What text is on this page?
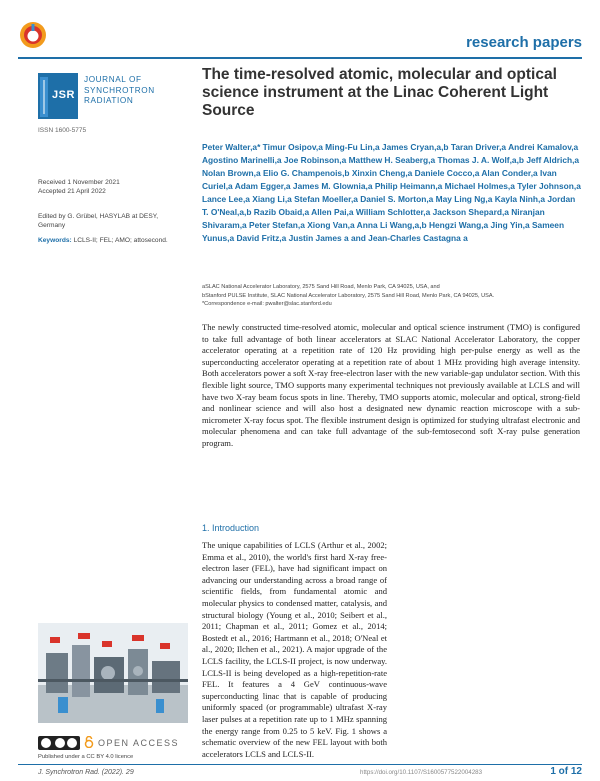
research papers
JSR
JOURNAL OF
SYNCHROTRON
RADIATION
ISSN 1600-5775
Received 1 November 2021
Accepted 21 April 2022
Edited by G. Grübel, HASYLAB at DESY, Germany
Keywords: LCLS-II; FEL; AMO; attosecond.
The time-resolved atomic, molecular and optical science instrument at the Linac Coherent Light Source
Peter Walter,a* Timur Osipov,a Ming-Fu Lin,a James Cryan,a,b Taran Driver,a Andrei Kamalov,a Agostino Marinelli,a Joe Robinson,a Matthew H. Seaberg,a Thomas J. A. Wolf,a,b Jeff Aldrich,a Nolan Brown,a Elio G. Champenois,b Xinxin Cheng,a Daniele Cocco,a Alan Conder,a Ivan Curiel,a Adam Egger,a James M. Glownia,a Philip Heimann,a Michael Holmes,a Tyler Johnson,a Lance Lee,a Xiang Li,a Stefan Moeller,a Daniel S. Morton,a May Ling Ng,a Kayla Ninh,a Jordan T. O'Neal,a,b Razib Obaid,a Allen Pai,a William Schlotter,a Jackson Shepard,a Niranjan Shivaram,a Peter Stefan,a Xiong Van,a Anna Li Wang,a,b Hengzi Wang,a Jing Yin,a Sameen Yunus,a David Fritz,a Justin James a and Jean-Charles Castagna a
aSLAC National Accelerator Laboratory, 2575 Sand Hill Road, Menlo Park, CA 94025, USA, and
bStanford PULSE Institute, SLAC National Accelerator Laboratory, 2575 Sand Hill Road, Menlo Park, CA 94025, USA.
*Correspondence e-mail: pwalter@slac.stanford.edu
The newly constructed time-resolved atomic, molecular and optical science instrument (TMO) is configured to take full advantage of both linear accelerators at SLAC National Accelerator Laboratory, the copper accelerator operating at a repetition rate of 120 Hz providing high per-pulse energy as well as the superconducting accelerator operating at a repetition rate of about 1 MHz providing high average intensity. Both accelerators power a soft X-ray free-electron laser with the new variable-gap undulator section. With this flexible light source, TMO supports many experimental techniques not previously available at LCLS and will have two X-ray beam focus spots in line. Thereby, TMO supports atomic, molecular and optical, strong-field and nonlinear science and will also host a designated new dynamic reaction microscope with a sub-micrometer X-ray focus spot. The flexible instrument design is optimized for studying ultrafast electronic and molecular phenomena and can take full advantage of the sub-femtosecond soft X-ray pulse generation program.
1. Introduction
The unique capabilities of LCLS (Arthur et al., 2002; Emma et al., 2010), the world's first hard X-ray free-electron laser (FEL), have had significant impact on advancing our understanding across a broad range of scientific fields, from fundamental atomic and molecular physics to condensed matter, catalysis, and structural biology (Young et al., 2010; Seibert et al., 2011; Chapman et al., 2011; Gomez et al., 2014; Bostedt et al., 2016; Hartmann et al., 2018; O'Neal et al., 2020; Ilchen et al., 2021). A major upgrade of the LCLS facility, the LCLS-II project, is now underway. LCLS-II is being developed as a high-repetition-rate FEL. It features a 4 GeV continuous-wave superconducting linac that is capable of producing uniformly spaced (or programmable) ultrafast X-ray laser pulses at a repetition rate up to 1 MHz spanning the energy range from 0.25 to 5 keV. Fig. 1 shows a schematic overview of the new FEL layout with both accelerators LCLS and LCLS-II.
OPEN ACCESS
Published under a CC BY 4.0 licence
J. Synchrotron Rad. (2022). 29	https://doi.org/10.1107/S1600577522004283	1 of 12
